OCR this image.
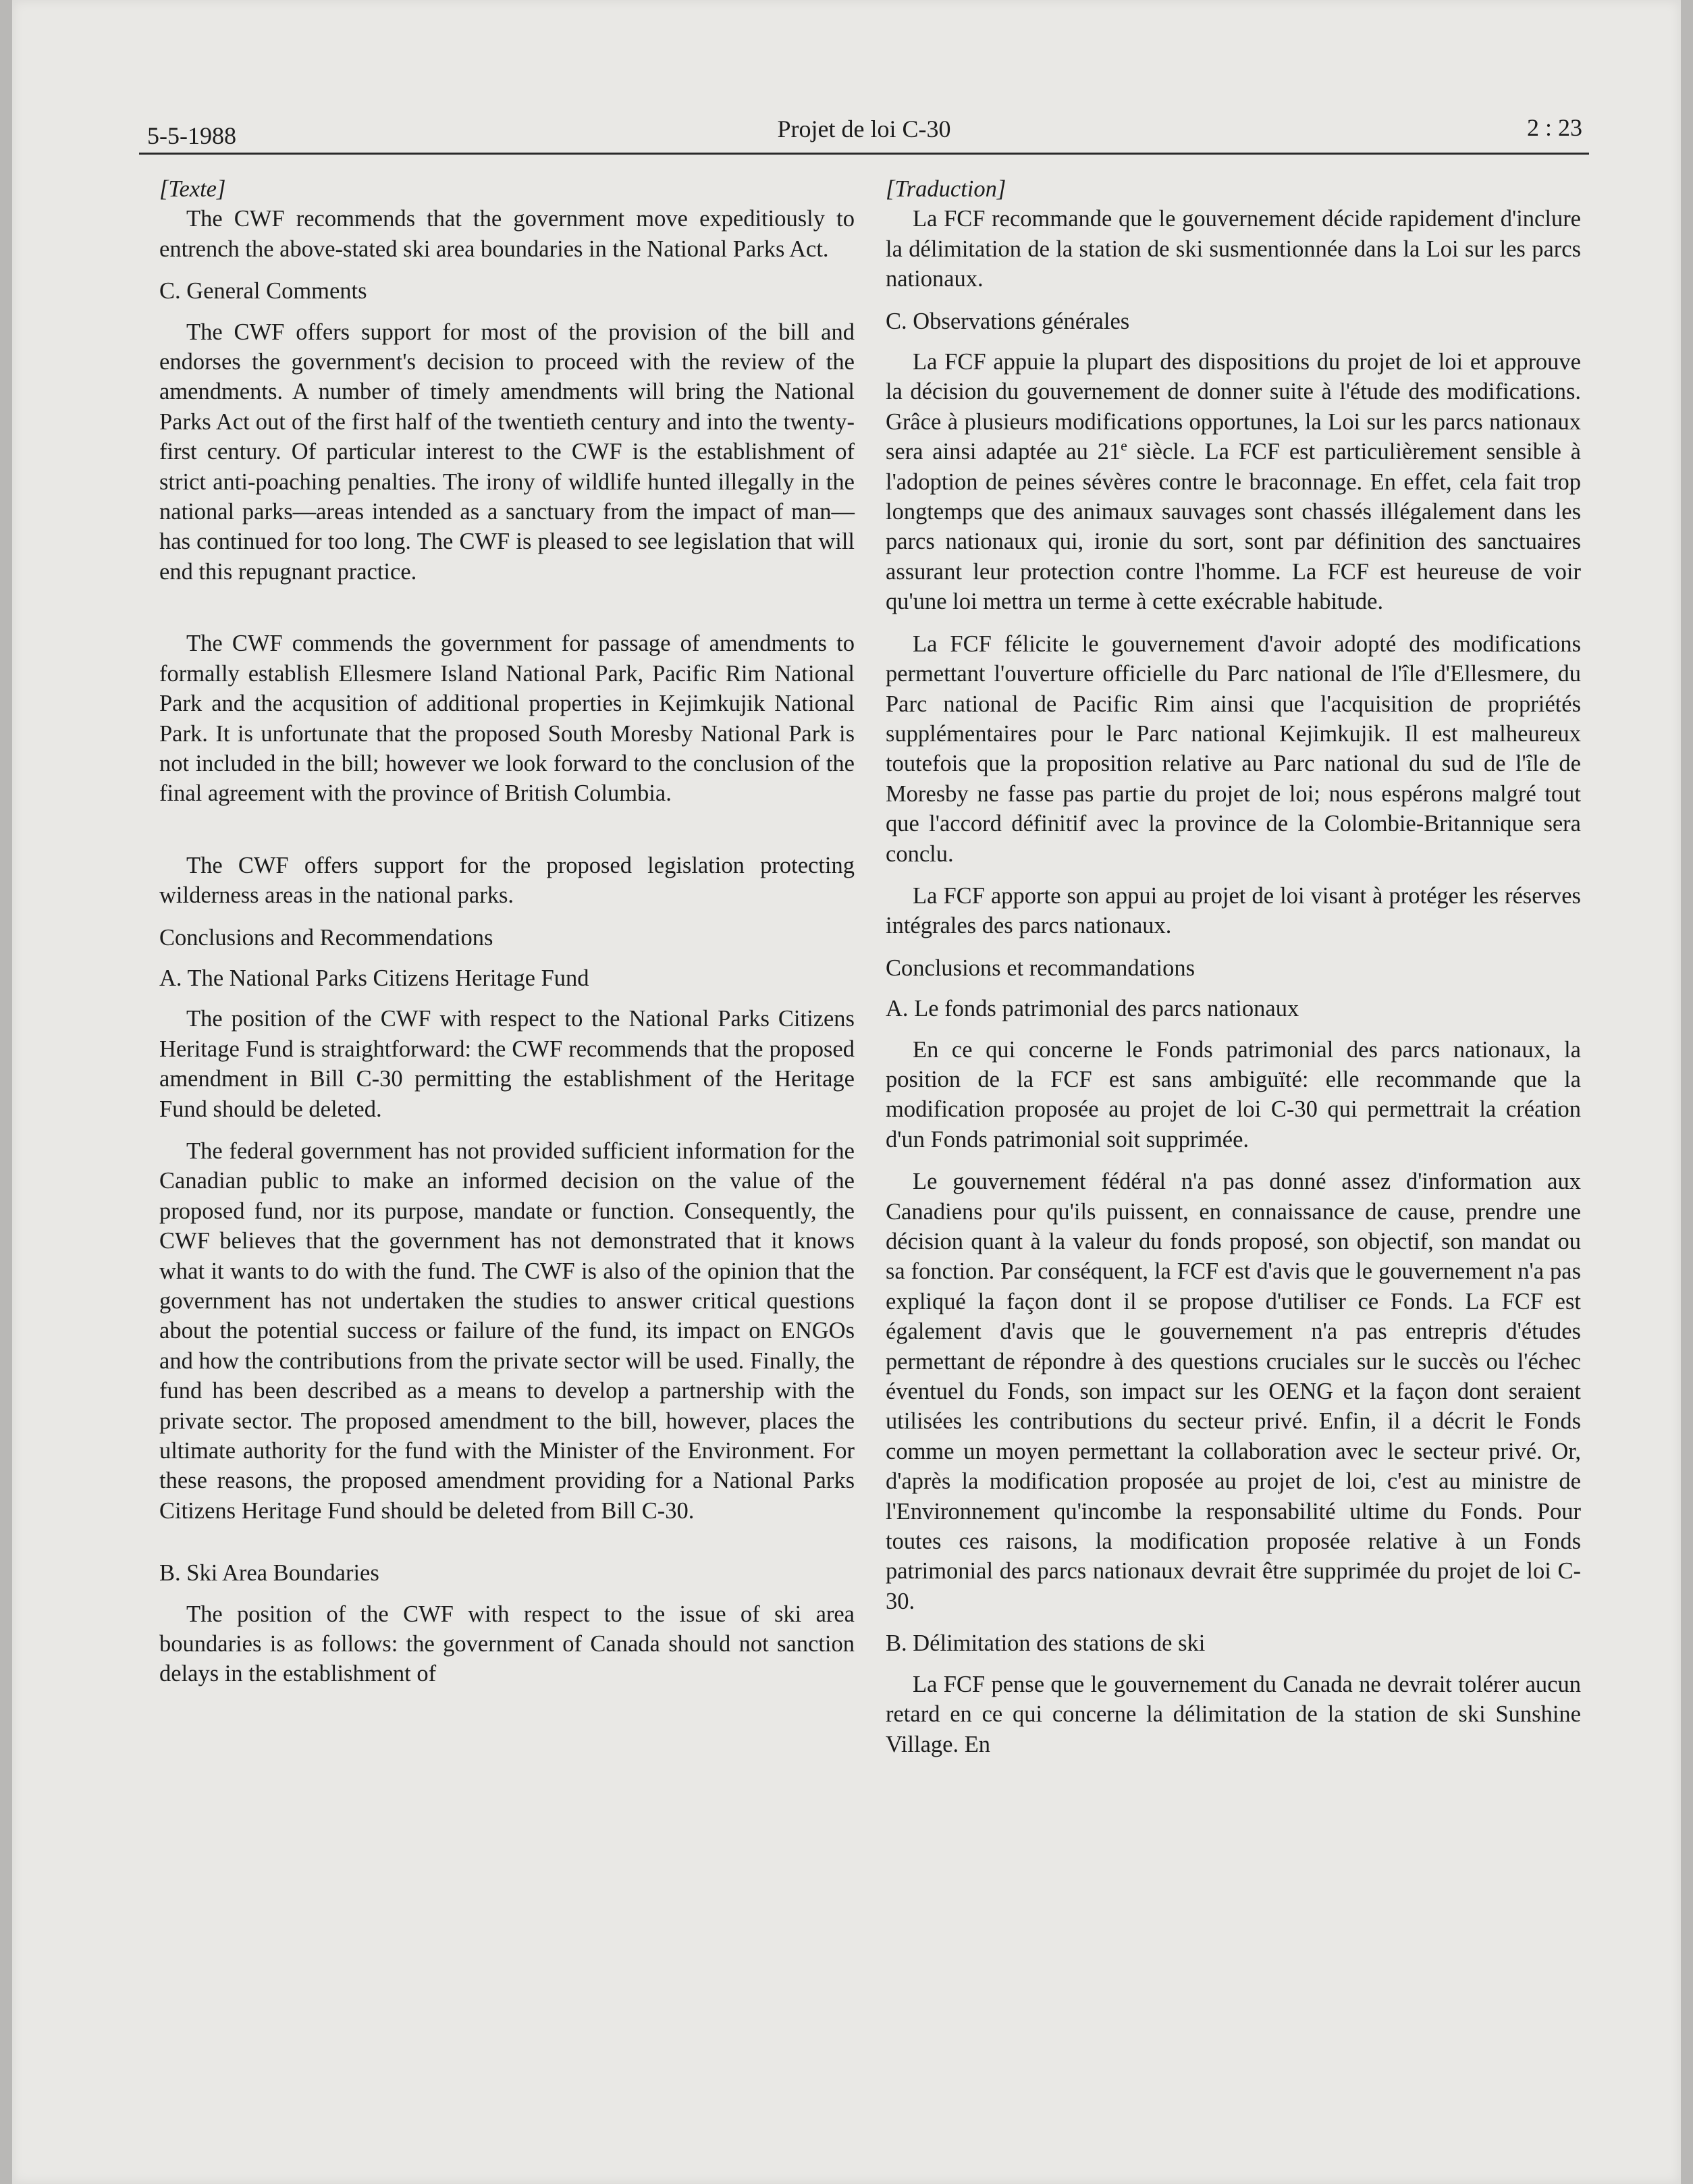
5-5-1988	Projet de loi C-30	2 : 23

[Texte]

The CWF recommends that the government move expeditiously to entrench the above-stated ski area boundaries in the National Parks Act.

C. General Comments

The CWF offers support for most of the provision of the bill and endorses the government's decision to proceed with the review of the amendments. A number of timely amendments will bring the National Parks Act out of the first half of the twentieth century and into the twenty-first century. Of particular interest to the CWF is the establishment of strict anti-poaching penalties. The irony of wildlife hunted illegally in the national parks—areas intended as a sanctuary from the impact of man—has continued for too long. The CWF is pleased to see legislation that will end this repugnant practice.

The CWF commends the government for passage of amendments to formally establish Ellesmere Island National Park, Pacific Rim National Park and the acqusition of additional properties in Kejimkujik National Park. It is unfortunate that the proposed South Moresby National Park is not included in the bill; however we look forward to the conclusion of the final agreement with the province of British Columbia.

The CWF offers support for the proposed legislation protecting wilderness areas in the national parks.

Conclusions and Recommendations

A. The National Parks Citizens Heritage Fund

The position of the CWF with respect to the National Parks Citizens Heritage Fund is straightforward: the CWF recommends that the proposed amendment in Bill C-30 permitting the establishment of the Heritage Fund should be deleted.

The federal government has not provided sufficient information for the Canadian public to make an informed decision on the value of the proposed fund, nor its purpose, mandate or function. Consequently, the CWF believes that the government has not demonstrated that it knows what it wants to do with the fund. The CWF is also of the opinion that the government has not undertaken the studies to answer critical questions about the potential success or failure of the fund, its impact on ENGOs and how the contributions from the private sector will be used. Finally, the fund has been described as a means to develop a partnership with the private sector. The proposed amendment to the bill, however, places the ultimate authority for the fund with the Minister of the Environment. For these reasons, the proposed amendment providing for a National Parks Citizens Heritage Fund should be deleted from Bill C-30.

B. Ski Area Boundaries

The position of the CWF with respect to the issue of ski area boundaries is as follows: the government of Canada should not sanction delays in the establishment of

[Traduction]

La FCF recommande que le gouvernement décide rapidement d'inclure la délimitation de la station de ski susmentionnée dans la Loi sur les parcs nationaux.

C. Observations générales

La FCF appuie la plupart des dispositions du projet de loi et approuve la décision du gouvernement de donner suite à l'étude des modifications. Grâce à plusieurs modifications opportunes, la Loi sur les parcs nationaux sera ainsi adaptée au 21e siècle. La FCF est particulièrement sensible à l'adoption de peines sévères contre le braconnage. En effet, cela fait trop longtemps que des animaux sauvages sont chassés illégalement dans les parcs nationaux qui, ironie du sort, sont par définition des sanctuaires assurant leur protection contre l'homme. La FCF est heureuse de voir qu'une loi mettra un terme à cette exécrable habitude.

La FCF félicite le gouvernement d'avoir adopté des modifications permettant l'ouverture officielle du Parc national de l'île d'Ellesmere, du Parc national de Pacific Rim ainsi que l'acquisition de propriétés supplémentaires pour le Parc national Kejimkujik. Il est malheureux toutefois que la proposition relative au Parc national du sud de l'île de Moresby ne fasse pas partie du projet de loi; nous espérons malgré tout que l'accord définitif avec la province de la Colombie-Britannique sera conclu.

La FCF apporte son appui au projet de loi visant à protéger les réserves intégrales des parcs nationaux.

Conclusions et recommandations

A. Le fonds patrimonial des parcs nationaux

En ce qui concerne le Fonds patrimonial des parcs nationaux, la position de la FCF est sans ambiguïté: elle recommande que la modification proposée au projet de loi C-30 qui permettrait la création d'un Fonds patrimonial soit supprimée.

Le gouvernement fédéral n'a pas donné assez d'information aux Canadiens pour qu'ils puissent, en connaissance de cause, prendre une décision quant à la valeur du fonds proposé, son objectif, son mandat ou sa fonction. Par conséquent, la FCF est d'avis que le gouvernement n'a pas expliqué la façon dont il se propose d'utiliser ce Fonds. La FCF est également d'avis que le gouvernement n'a pas entrepris d'études permettant de répondre à des questions cruciales sur le succès ou l'échec éventuel du Fonds, son impact sur les OENG et la façon dont seraient utilisées les contributions du secteur privé. Enfin, il a décrit le Fonds comme un moyen permettant la collaboration avec le secteur privé. Or, d'après la modification proposée au projet de loi, c'est au ministre de l'Environnement qu'incombe la responsabilité ultime du Fonds. Pour toutes ces raisons, la modification proposée relative à un Fonds patrimonial des parcs nationaux devrait être supprimée du projet de loi C-30.

B. Délimitation des stations de ski

La FCF pense que le gouvernement du Canada ne devrait tolérer aucun retard en ce qui concerne la délimitation de la station de ski Sunshine Village. En
